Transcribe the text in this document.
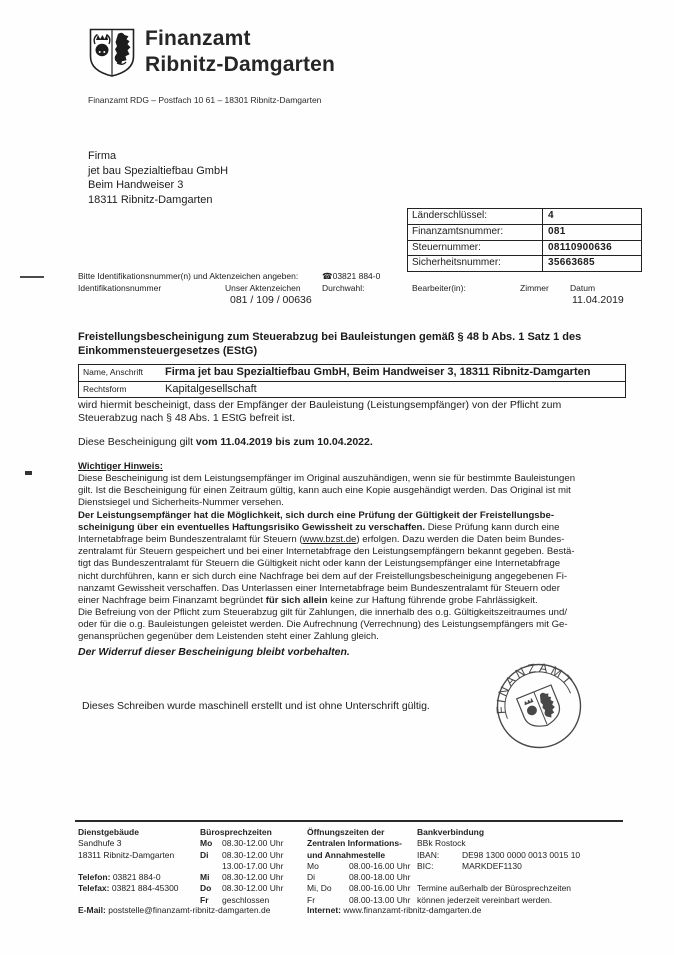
Finanzamt
Ribnitz-Damgarten
Finanzamt RDG – Postfach 10 61 – 18301 Ribnitz-Damgarten
Firma
jet bau Spezialtiefbau GmbH
Beim Handweiser 3
18311 Ribnitz-Damgarten
Länderschlüssel:	4
Finanzamtsnummer:	081
Steuernummer:	08110900636
Sicherheitsnummer:	35663685
Bitte Identifikationsnummer(n) und Aktenzeichen angeben:	☎03821 884-0
Identifikationsnummer	Unser Aktenzeichen	Durchwahl:	Bearbeiter(in):	Zimmer Datum
081 / 109 / 00636	11.04.2019
Freistellungsbescheinigung zum Steuerabzug bei Bauleistungen gemäß § 48 b Abs. 1 Satz 1 des
Einkommensteuergesetzes (EStG)
Name, Anschrift	Firma jet bau Spezialtiefbau GmbH, Beim Handweiser 3, 18311 Ribnitz-Damgarten
Rechtsform	Kapitalgesellschaft
wird hiermit bescheinigt, dass der Empfänger der Bauleistung (Leistungsempfänger) von der Pflicht zum
Steuerabzug nach § 48 Abs. 1 EStG befreit ist.
Diese Bescheinigung gilt vom 11.04.2019 bis zum 10.04.2022.
Wichtiger Hinweis:
Diese Bescheinigung ist dem Leistungsempfänger im Original auszuhändigen, wenn sie für bestimmte Bauleistungen
gilt. Ist die Bescheinigung für einen Zeitraum gültig, kann auch eine Kopie ausgehändigt werden. Das Original ist mit
Dienstsiegel und Sicherheits-Nummer versehen.
Der Leistungsempfänger hat die Möglichkeit, sich durch eine Prüfung der Gültigkeit der Freistellungsbe-
scheinigung über ein eventuelles Haftungsrisiko Gewissheit zu verschaffen. Diese Prüfung kann durch eine
Internetabfrage beim Bundeszentralamt für Steuern (www.bzst.de) erfolgen. Dazu werden die Daten beim Bundes-
zentralamt für Steuern gespeichert und bei einer Internetabfrage den Leistungsempfängern bekannt gegeben. Bestä-
tigt das Bundeszentralamt für Steuern die Gültigkeit nicht oder kann der Leistungsempfänger eine Internetabfrage
nicht durchführen, kann er sich durch eine Nachfrage bei dem auf der Freistellungsbescheinigung angegebenen Fi-
nanzamt Gewissheit verschaffen. Das Unterlassen einer Internetabfrage beim Bundeszentralamt für Steuern oder
einer Nachfrage beim Finanzamt begründet für sich allein keine zur Haftung führende grobe Fahrlässigkeit.
Die Befreiung von der Pflicht zum Steuerabzug gilt für Zahlungen, die innerhalb des o.g. Gültigkeitszeitraumes und/
oder für die o.g. Bauleistungen geleistet werden. Die Aufrechnung (Verrechnung) des Leistungsempfängers mit Ge-
genansprüchen gegenüber dem Leistenden steht einer Zahlung gleich.
Der Widerruf dieser Bescheinigung bleibt vorbehalten.
Dieses Schreiben wurde maschinell erstellt und ist ohne Unterschrift gültig.	FINANZAMT
Dienstgebäude
Sandhufe 3
18311 Ribnitz-Damgarten
Telefon: 03821 884-0
Telefax: 03821 884-45300
Bürosprechzeiten
Mo 08.30-12.00 Uhr
Di 08.30-12.00 Uhr
13.00-17.00 Uhr
Mi 08.30-12.00 Uhr
Do 08.30-12.00 Uhr
Fr geschlossen
Öffnungszeiten der
Zentralen Informations-
und Annahmestelle
Mo	08.00-16.00 Uhr
Di	08.00-18.00 Uhr
Mi, Do 08.00-16.00 Uhr
Fr	08.00-13.00 Uhr
Bankverbindung
BBk Rostock
IBAN:	DE98 1300 0000 0013 0015 10
BIC:	MARKDEF1130
Termine außerhalb der Bürosprechzeiten
können jederzeit vereinbart werden.
E-Mail: poststelle@finanzamt-ribnitz-damgarten.de	Internet: www.finanzamt-ribnitz-damgarten.de
